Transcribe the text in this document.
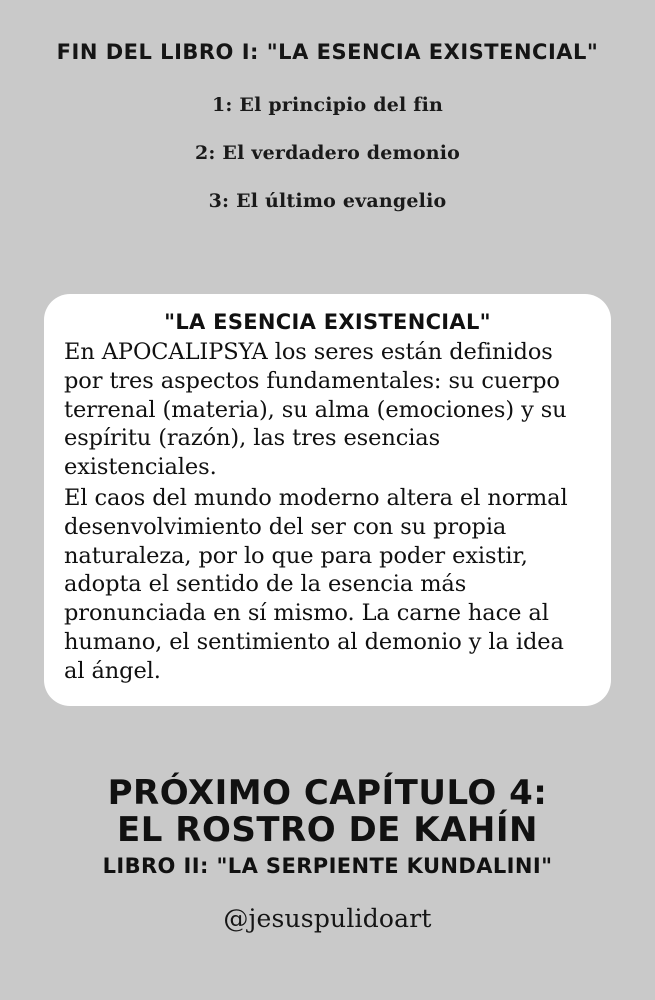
FIN DEL LIBRO I: "LA ESENCIA EXISTENCIAL"
1: El principio del fin
2: El verdadero demonio
3: El último evangelio
"LA ESENCIA EXISTENCIAL"

En APOCALIPSYA los seres están definidos por tres aspectos fundamentales: su cuerpo terrenal (materia), su alma (emociones) y su espíritu (razón), las tres esencias existenciales.

El caos del mundo moderno altera el normal desenvolvimiento del ser con su propia naturaleza, por lo que para poder existir, adopta el sentido de la esencia más pronunciada en sí mismo. La carne hace al humano, el sentimiento al demonio y la idea al ángel.

PRÓXIMO CAPÍTULO 4:
EL ROSTRO DE KAHÍN
LIBRO II: "LA SERPIENTE KUNDALINI"
@jesuspulidoart
